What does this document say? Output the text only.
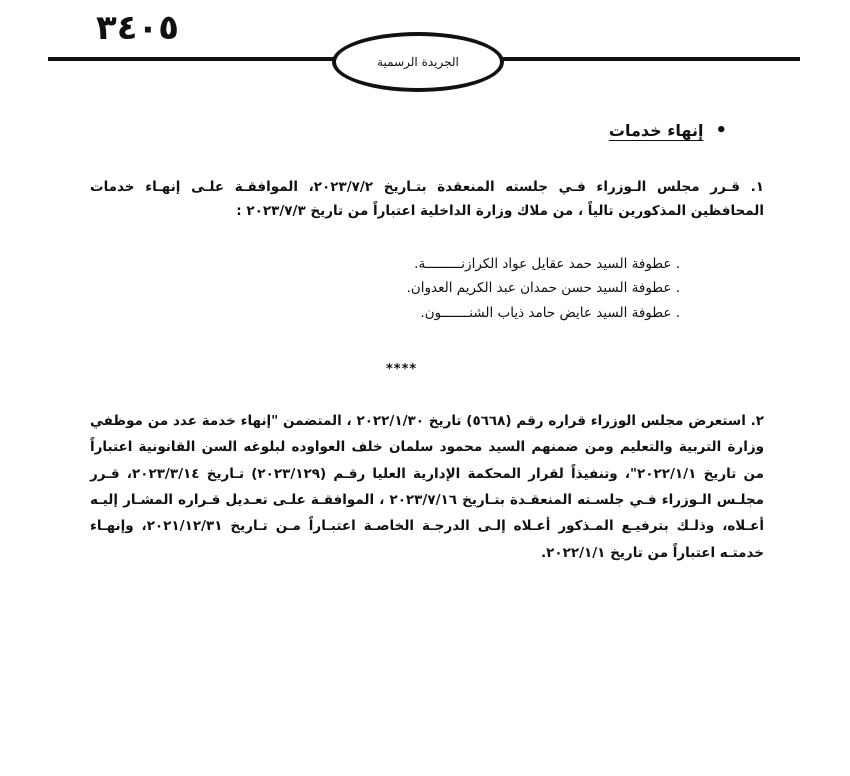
٣٤٠٥
الجريدة الرسمية
•
إنهاء خدمات
١. قـرر مجلس الـوزراء فـي جلسته المنعقدة بتـاريخ ٢٠٢٣/٧/٢، الموافقـة علـى إنهـاء خدمات المحافظين المذكورين تالياً ، من ملاك وزارة الداخلية اعتباراً من تاريخ ٢٠٢٣/٧/٣ :
. عطوفة السيد حمد عقايل عواد الكرازنـــــــــة.
. عطوفة السيد حسن حمدان عبد الكريم العدوان.
. عطوفة السيد عايض حامد ذياب الشنـــــــون.
****
٢. استعرض مجلس الوزراء قراره رقم (٥٦٦٨) تاريخ ٢٠٢٢/١/٣٠ ، المتضمن "إنهاء خدمة عدد من موظفي وزارة التربية والتعليم ومن ضمنهم السيد محمود سلمان خلف العواوده لبلوغه السن القانونية اعتباراً من تاريخ ٢٠٢٢/١/١"، وتنفيذاً لقرار المحكمة الإدارية العليا رقـم (٢٠٢٣/١٢٩) تـاريخ ٢٠٢٣/٣/١٤، قـرر مجلـس الـوزراء فـي جلسـته المنعقـدة بتـاريخ ٢٠٢٣/٧/١٦ ، الموافقـة علـى تعـديل قـراره المشـار إليـه أعـلاه، وذلـك بترفيـع المـذكور أعـلاه إلـى الدرجـة الخاصـة اعتبـاراً مـن تـاريخ ٢٠٢١/١٢/٣١، وإنهـاء خدمتـه اعتباراً من تاريخ ٢٠٢٢/١/١.
